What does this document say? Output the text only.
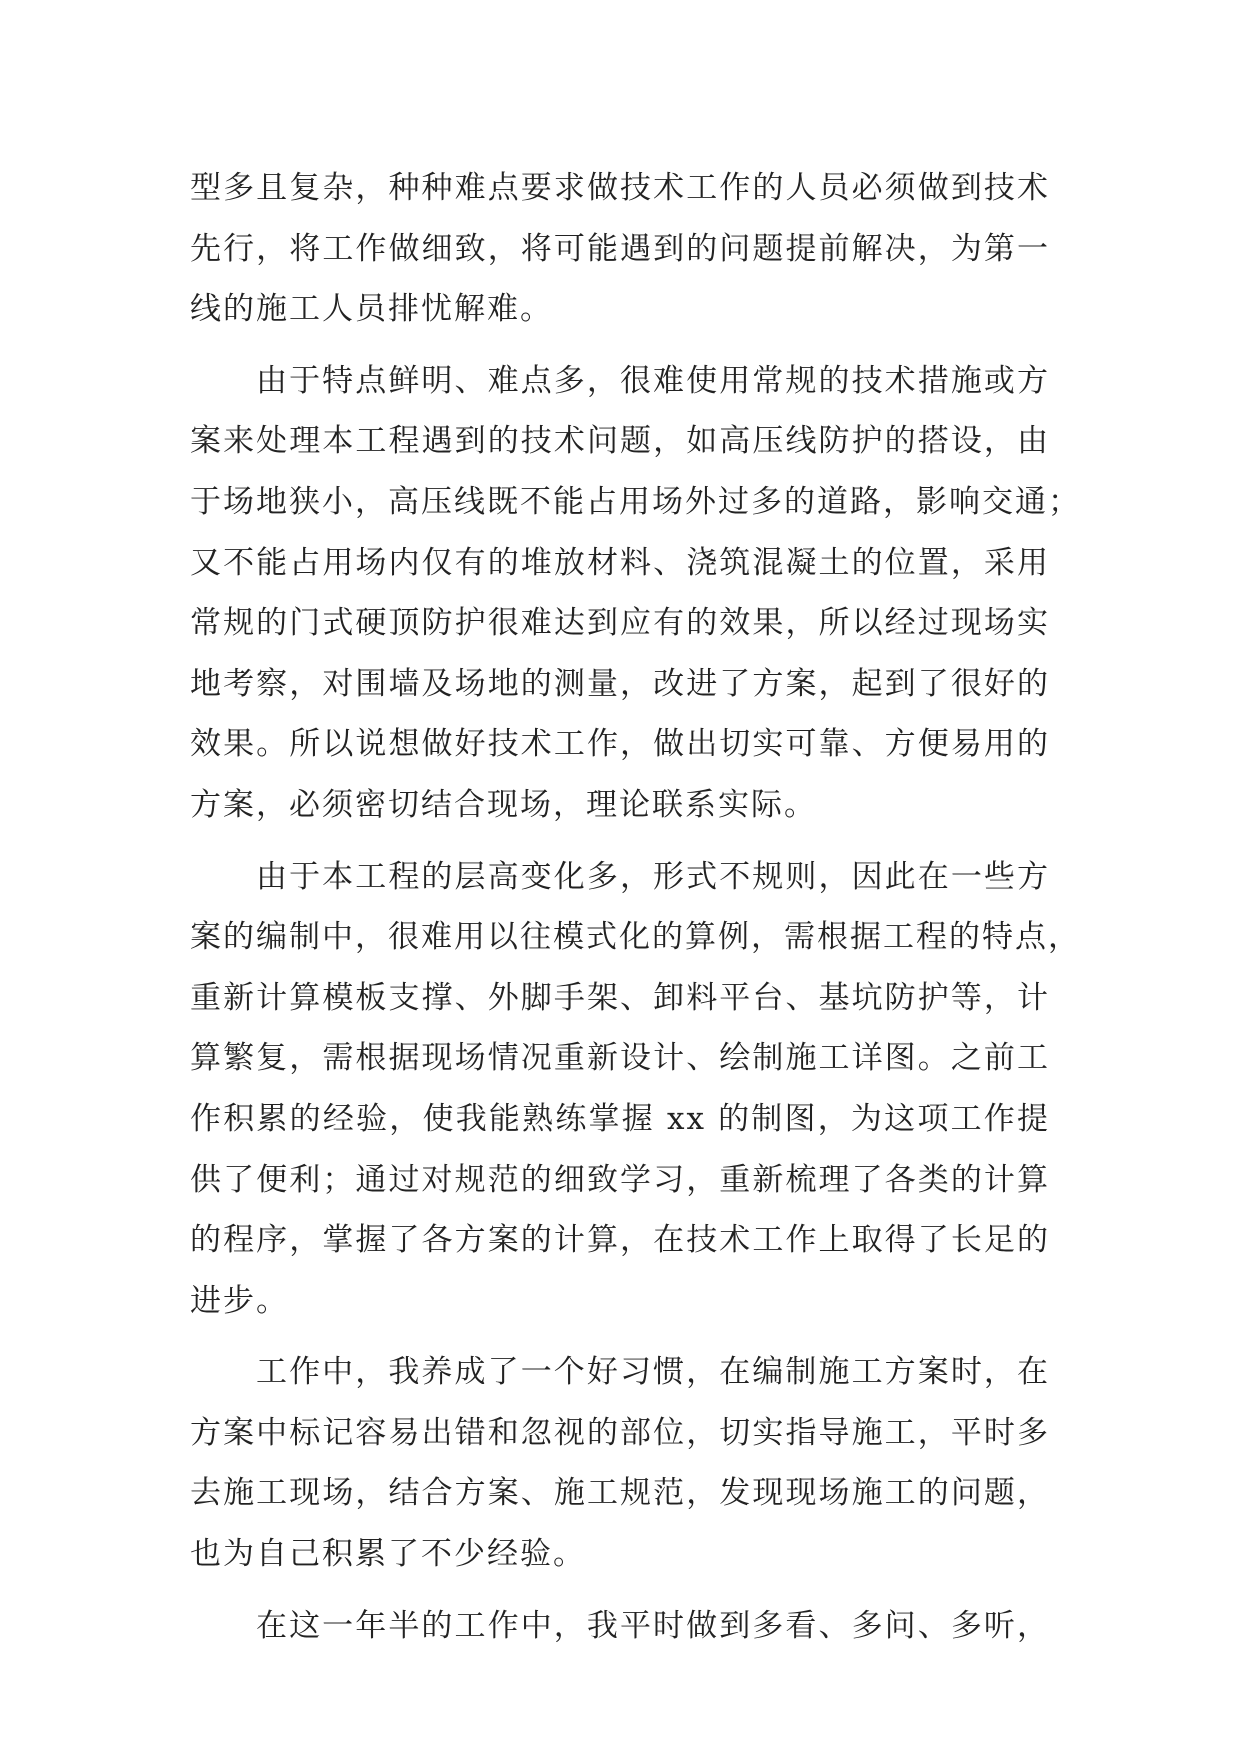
型多且复杂，种种难点要求做技术工作的人员必须做到技术
先行，将工作做细致，将可能遇到的问题提前解决，为第一
线的施工人员排忧解难。
由于特点鲜明、难点多，很难使用常规的技术措施或方
案来处理本工程遇到的技术问题，如高压线防护的搭设，由
于场地狭小，高压线既不能占用场外过多的道路，影响交通；
又不能占用场内仅有的堆放材料、浇筑混凝土的位置，采用
常规的门式硬顶防护很难达到应有的效果，所以经过现场实
地考察，对围墙及场地的测量，改进了方案，起到了很好的
效果。所以说想做好技术工作，做出切实可靠、方便易用的
方案，必须密切结合现场，理论联系实际。
由于本工程的层高变化多，形式不规则，因此在一些方
案的编制中，很难用以往模式化的算例，需根据工程的特点，
重新计算模板支撑、外脚手架、卸料平台、基坑防护等，计
算繁复，需根据现场情况重新设计、绘制施工详图。之前工
作积累的经验，使我能熟练掌握 xx 的制图，为这项工作提
供了便利；通过对规范的细致学习，重新梳理了各类的计算
的程序，掌握了各方案的计算，在技术工作上取得了长足的
进步。
工作中，我养成了一个好习惯，在编制施工方案时，在
方案中标记容易出错和忽视的部位，切实指导施工，平时多
去施工现场，结合方案、施工规范，发现现场施工的问题，
也为自己积累了不少经验。
在这一年半的工作中，我平时做到多看、多问、多听，
